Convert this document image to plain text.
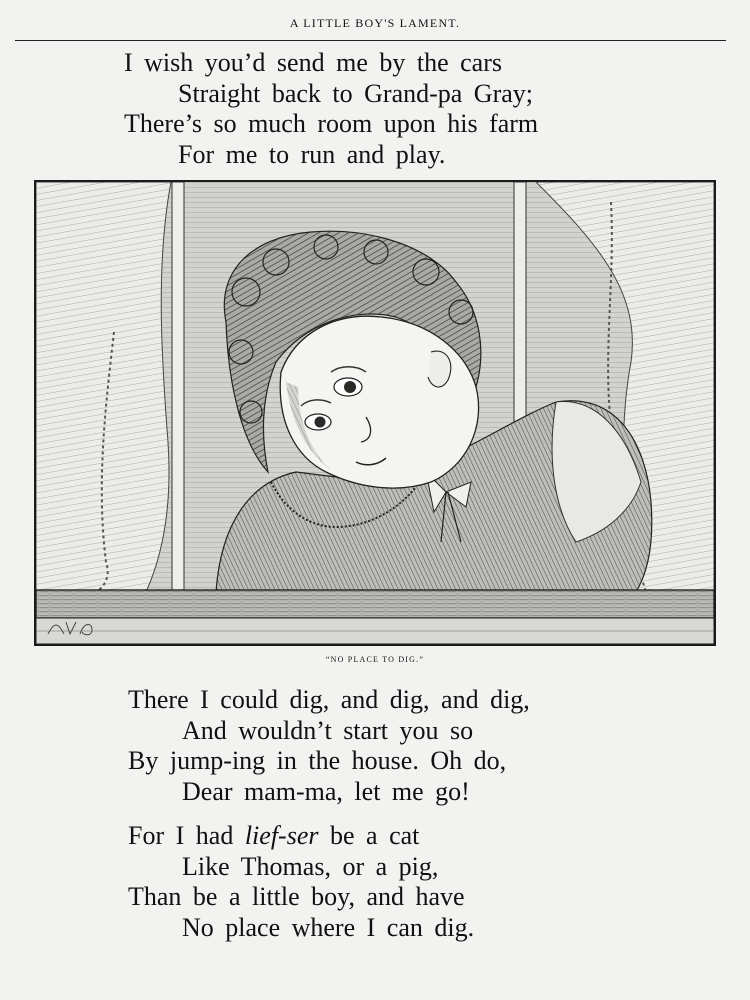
A LITTLE BOY'S LAMENT.

I wish you’d send me by the cars
Straight back to Grand-pa Gray;
There’s so much room upon his farm
For me to run and play.

“NO PLACE TO DIG.”

There I could dig, and dig, and dig,
And wouldn’t start you so
By jump-ing in the house. Oh do,
Dear mam-ma, let me go!

For I had lief-ser be a cat
Like Thomas, or a pig,
Than be a little boy, and have
No place where I can dig.
